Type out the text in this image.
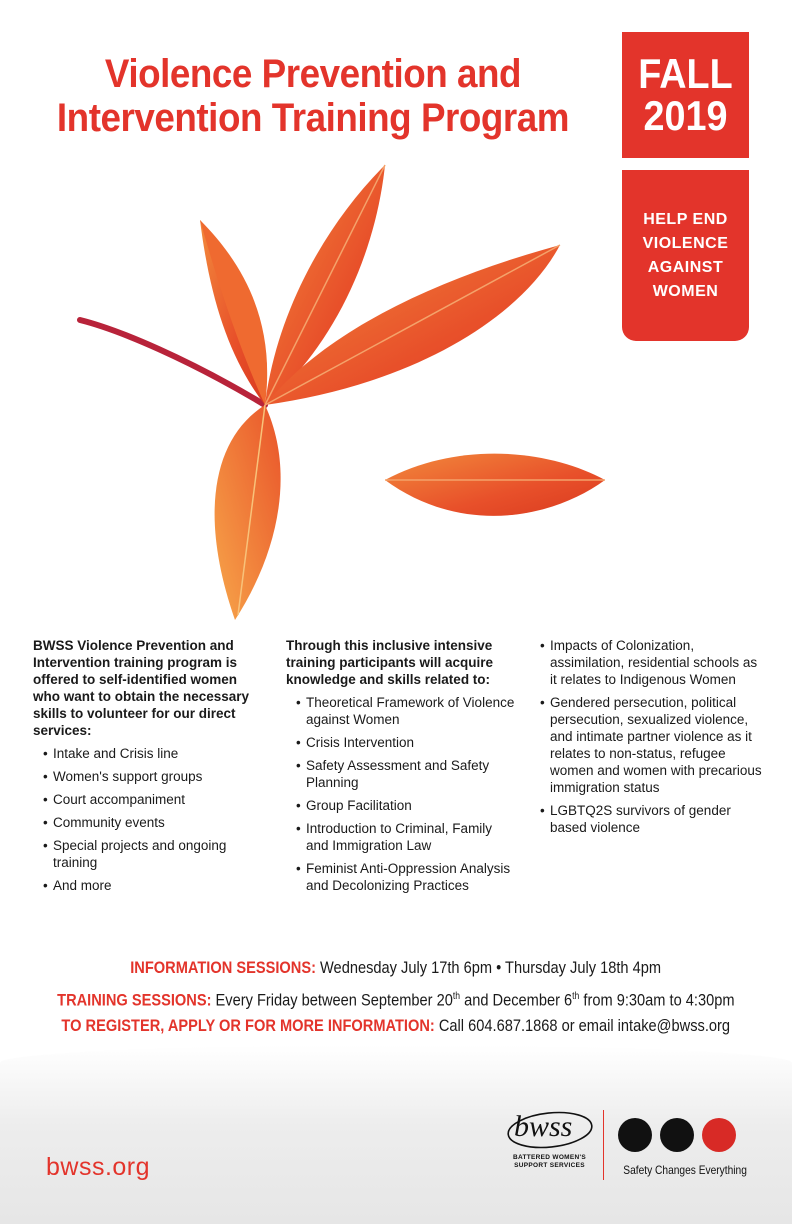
Violence Prevention and
Intervention Training Program
FALL
2019
HELP END VIOLENCE AGAINST WOMEN

BWSS Violence Prevention and Intervention training program is offered to self-identified women who want to obtain the necessary skills to volunteer for our direct services:

• Intake and Crisis line
• Women's support groups
• Court accompaniment
• Community events
• Special projects and ongoing training
• And more

Through this inclusive intensive training participants will acquire knowledge and skills related to:

• Theoretical Framework of Violence against Women
• Crisis Intervention
• Safety Assessment and Safety Planning
• Group Facilitation
• Introduction to Criminal, Family and Immigration Law
• Feminist Anti-Oppression Analysis and Decolonizing Practices
• Impacts of Colonization, assimilation, residential schools as it relates to Indigenous Women
• Gendered persecution, political persecution, sexualized violence, and intimate partner violence as it relates to non-status, refugee women and women with precarious immigration status
• LGBTQ2S survivors of gender based violence
INFORMATION SESSIONS: Wednesday July 17th 6pm • Thursday July 18th 4pm
TRAINING SESSIONS: Every Friday between September 20th and December 6th from 9:30am to 4:30pm
TO REGISTER, APPLY OR FOR MORE INFORMATION: Call 604.687.1868 or email intake@bwss.org
bwss.org
bwss
BATTERED WOMEN'S
SUPPORT SERVICES	Safety Changes Everything
